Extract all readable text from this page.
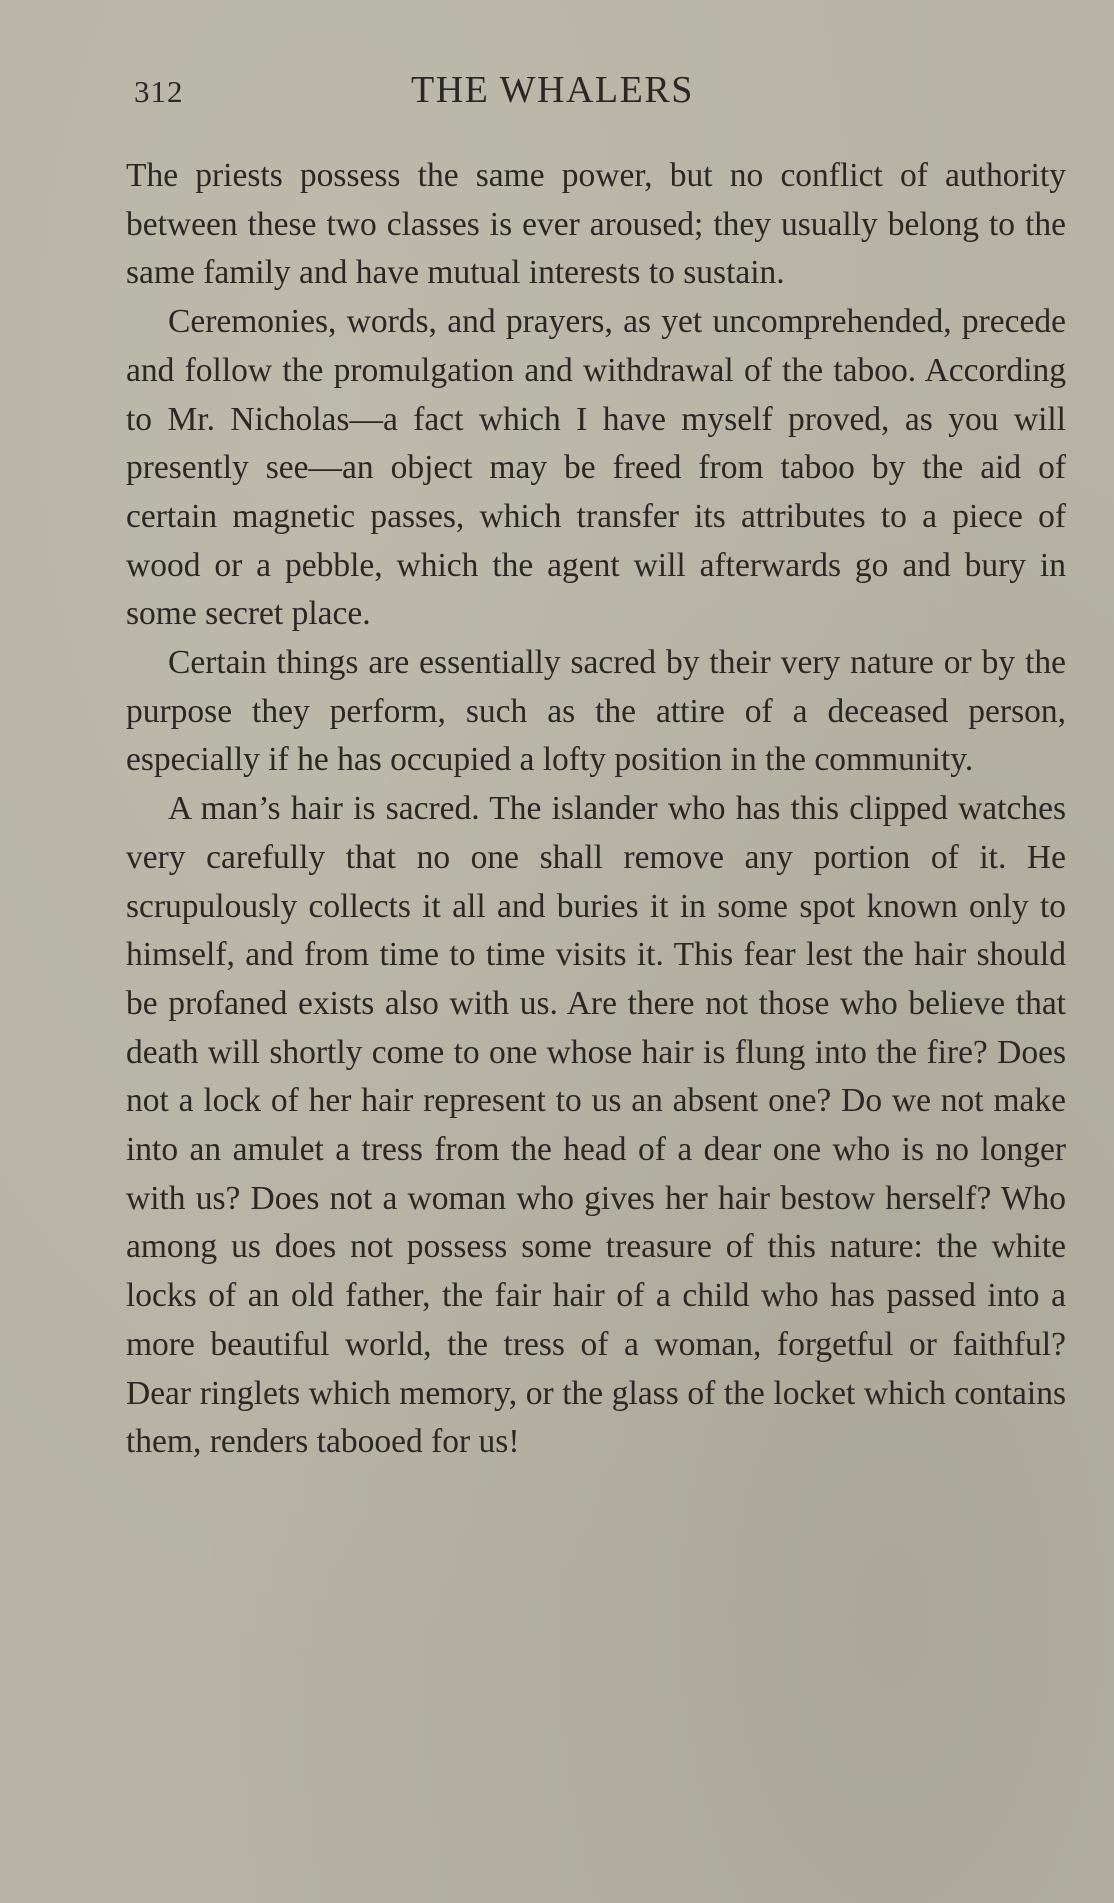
312	THE WHALERS

The priests possess the same power, but no conflict of authority between these two classes is ever aroused; they usually belong to the same family and have mutual interests to sustain.

Ceremonies, words, and prayers, as yet uncomprehended, precede and follow the promulgation and withdrawal of the taboo. According to Mr. Nicholas—a fact which I have myself proved, as you will presently see—an object may be freed from taboo by the aid of certain magnetic passes, which transfer its attributes to a piece of wood or a pebble, which the agent will afterwards go and bury in some secret place.

Certain things are essentially sacred by their very nature or by the purpose they perform, such as the attire of a deceased person, especially if he has occupied a lofty position in the community.

A man’s hair is sacred. The islander who has this clipped watches very carefully that no one shall remove any portion of it. He scrupulously collects it all and buries it in some spot known only to himself, and from time to time visits it. This fear lest the hair should be profaned exists also with us. Are there not those who believe that death will shortly come to one whose hair is flung into the fire? Does not a lock of her hair represent to us an absent one? Do we not make into an amulet a tress from the head of a dear one who is no longer with us? Does not a woman who gives her hair bestow herself? Who among us does not possess some treasure of this nature: the white locks of an old father, the fair hair of a child who has passed into a more beautiful world, the tress of a woman, forgetful or faithful? Dear ringlets which memory, or the glass of the locket which contains them, renders tabooed for us!
